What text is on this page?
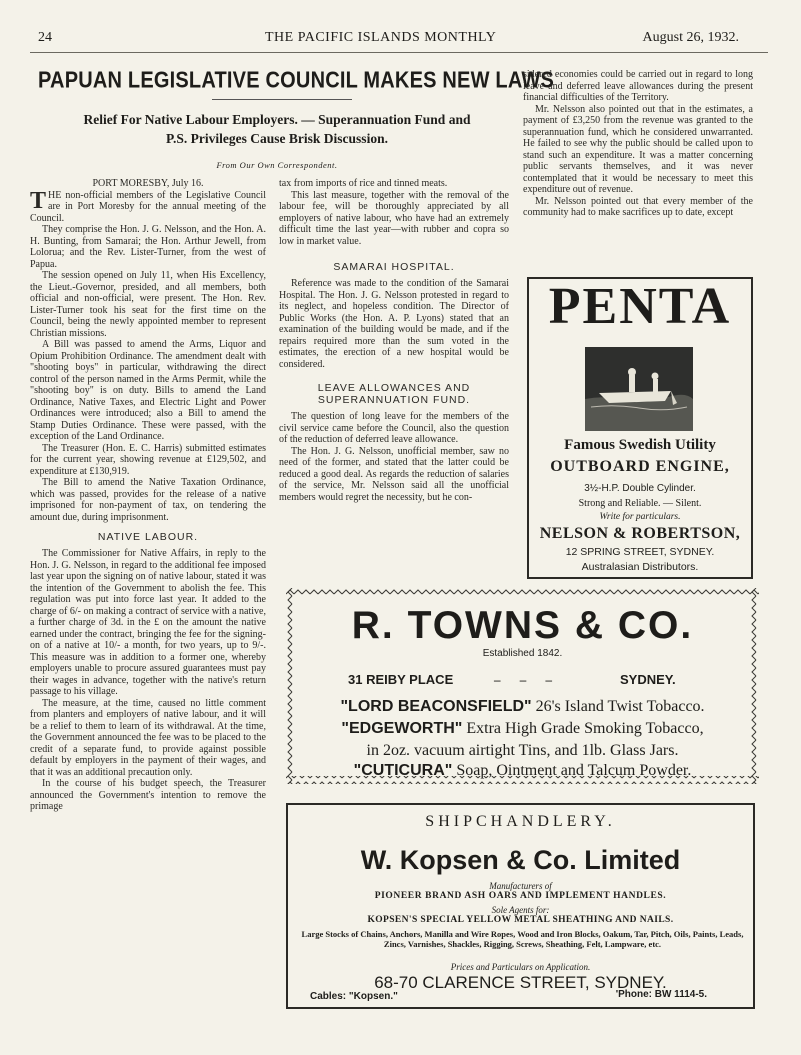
24	THE PACIFIC ISLANDS MONTHLY	August 26, 1932.
PAPUAN LEGISLATIVE COUNCIL MAKES NEW LAWS
Relief For Native Labour Employers. — Superannuation Fund and
P.S. Privileges Cause Brisk Discussion.
From Our Own Correspondent.

PORT MORESBY, July 16.

THE non-official members of the Legislative Council are in Port Moresby for the annual meeting of the Council.

They comprise the Hon. J. G. Nelsson, and the Hon. A. H. Bunting, from Samarai; the Hon. Arthur Jewell, from Loloruа; and the Rev. Lister-Turner, from the west of Papua.

The session opened on July 11, when His Excellency, the Lieut.-Governor, presided, and all members, both official and non-official, were present. The Hon. Rev. Lister-Turner took his seat for the first time on the Council, being the newly appointed member to represent Christian missions.

A Bill was passed to amend the Arms, Liquor and Opium Prohibition Ordinance. The amendment dealt with "shooting boys" in particular, withdrawing the direct control of the person named in the Arms Permit, while the "shooting boy" is on duty. Bills to amend the Land Ordinance, Native Taxes, and Electric Light and Power Ordinances were introduced; also a Bill to amend the Stamp Duties Ordinance. These were passed, with the exception of the Land Ordinance.

The Treasurer (Hon. E. C. Harris) submitted estimates for the current year, showing revenue at £129,502, and expenditure at £130,919.

The Bill to amend the Native Taxation Ordinance, which was passed, provides for the release of a native imprisoned for non-payment of tax, on tendering the amount due, during imprisonment.

NATIVE LABOUR.

The Commissioner for Native Affairs, in reply to the Hon. J. G. Nelsson, in regard to the additional fee imposed last year upon the signing on of native labour, stated it was the intention of the Government to abolish the fee. This regulation was put into force last year. It added to the charge of 6/- on making a contract of service with a native, a further charge of 3d. in the £ on the amount the native earned under the contract, bringing the fee for the signing-on of a native at 10/- a month, for two years, up to 9/-. This measure was in addition to a former one, whereby employers unable to procure assured guarantees must pay their wages in advance, together with the native's return passage to his village.

The measure, at the time, caused no little comment from planters and employers of native labour, and it will be a relief to them to learn of its withdrawal. At the time, the Government announced the fee was to be placed to the credit of a separate fund, to provide against possible default by employers in the payment of their wages, and that it was an additional precaution only.

In the course of his budget speech, the Treasurer announced the Government's intention to remove the primage

tax from imports of rice and tinned meats.

This last measure, together with the removal of the labour fee, will be thoroughly appreciated by all employers of native labour, who have had an extremely difficult time the last year—with rubber and copra so low in market value.

SAMARAI HOSPITAL.

Reference was made to the condition of the Samarai Hospital. The Hon. J. G. Nelsson protested in regard to its neglect, and hopeless condition. The Director of Public Works (the Hon. A. P. Lyons) stated that an examination of the building would be made, and if the repairs required more than the sum voted in the estimates, the erection of a new hospital would be considered.

LEAVE ALLOWANCES AND SUPERANNUATION FUND.

The question of long leave for the members of the civil service came before the Council, also the question of the reduction of deferred leave allowance.

The Hon. J. G. Nelsson, unofficial member, saw no need of the former, and stated that the latter could be reduced a good deal. As regards the reduction of salaries of the service, Mr. Nelsson said all the unofficial members would regret the necessity, but he con-

sidered economies could be carried out in regard to long leave and deferred leave allowances during the present financial difficulties of the Territory.

Mr. Nelsson also pointed out that in the estimates, a payment of £3,250 from the revenue was granted to the superannuation fund, which he considered unwarranted. He failed to see why the public should be called upon to stand such an expenditure. It was a matter concerning public servants themselves, and it was never contemplated that it would be necessary to meet this expenditure out of revenue.

Mr. Nelsson pointed out that every member of the community had to make sacrifices up to date, except

PENTA
Famous Swedish Utility
OUTBOARD ENGINE,
3½-H.P. Double Cylinder.
Strong and Reliable. — Silent.
Write for particulars.
NELSON & ROBERTSON,
12 SPRING STREET, SYDNEY.
Australasian Distributors.
R. TOWNS & CO.
Established 1842.
31 REIBY PLACE	– – –	SYDNEY.
"LORD BEACONSFIELD" 26's Island Twist Tobacco.
"EDGEWORTH" Extra High Grade Smoking Tobacco,
in 2oz. vacuum airtight Tins, and 1lb. Glass Jars.
"CUTICURA" Soap, Ointment and Talcum Powder.
SHIPCHANDLERY.
W. Kopsen & Co. Limited
Manufacturers of
PIONEER BRAND ASH OARS AND IMPLEMENT HANDLES.
Sole Agents for:
KOPSEN'S SPECIAL YELLOW METAL SHEATHING AND NAILS.
Large Stocks of Chains, Anchors, Manilla and Wire Ropes, Wood and Iron Blocks, Oakum, Tar, Pitch, Oils, Paints, Leads, Zincs, Varnishes, Shackles, Rigging, Screws, Sheathing, Felt, Lampware, etc.
Prices and Particulars on Application.
68-70 CLARENCE STREET, SYDNEY.
Cables: "Kopsen."	'Phone: BW 1114-5.
